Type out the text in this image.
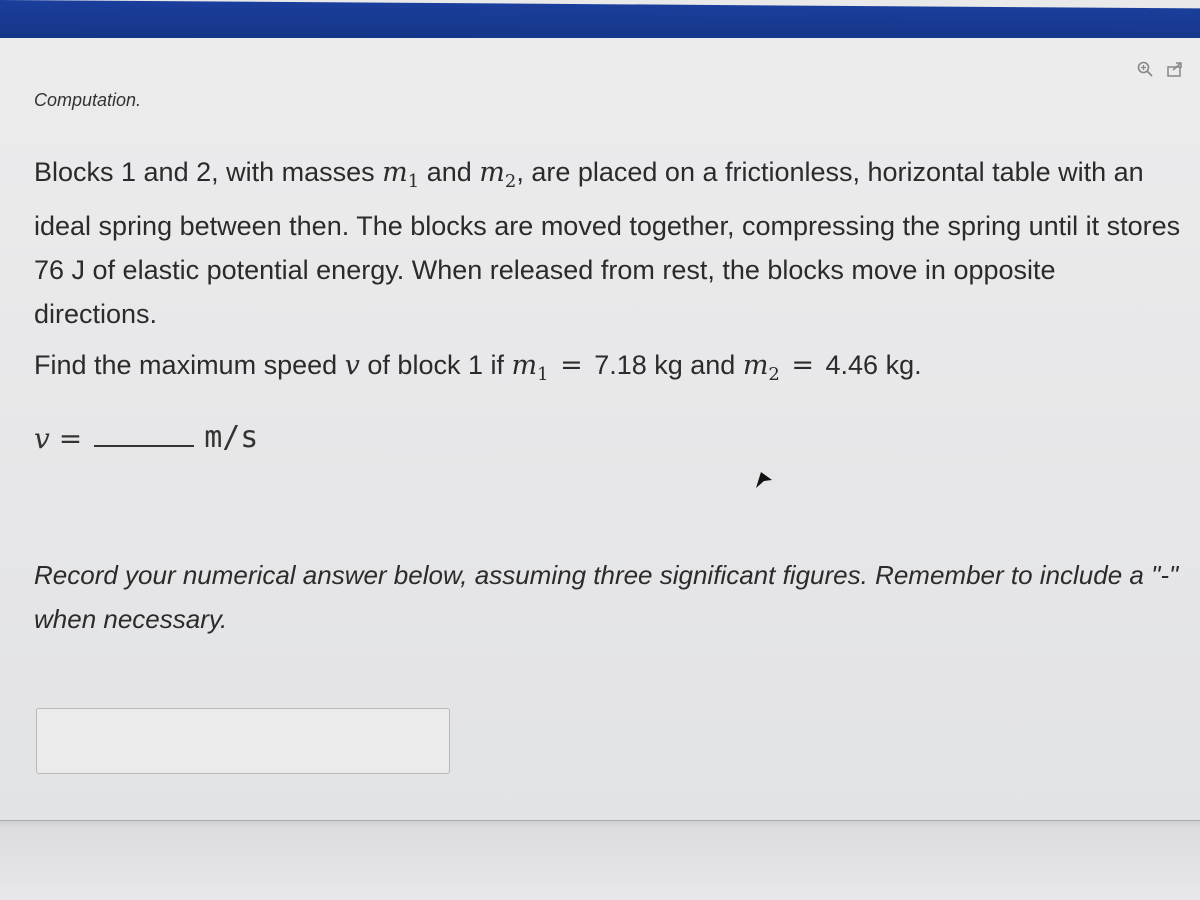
Computation.

Blocks 1 and 2, with masses $m_1$ and $m_2$, are placed on a frictionless, horizontal table with an ideal spring between then. The blocks are moved together, compressing the spring until it stores 76 J of elastic potential energy. When released from rest, the blocks move in opposite directions.

Find the maximum speed v of block 1 if $m_1 = 7.18$ kg and $m_2 = 4.46$ kg.
v =	m/s

Record your numerical answer below, assuming three significant figures. Remember to include a "-" when necessary.
